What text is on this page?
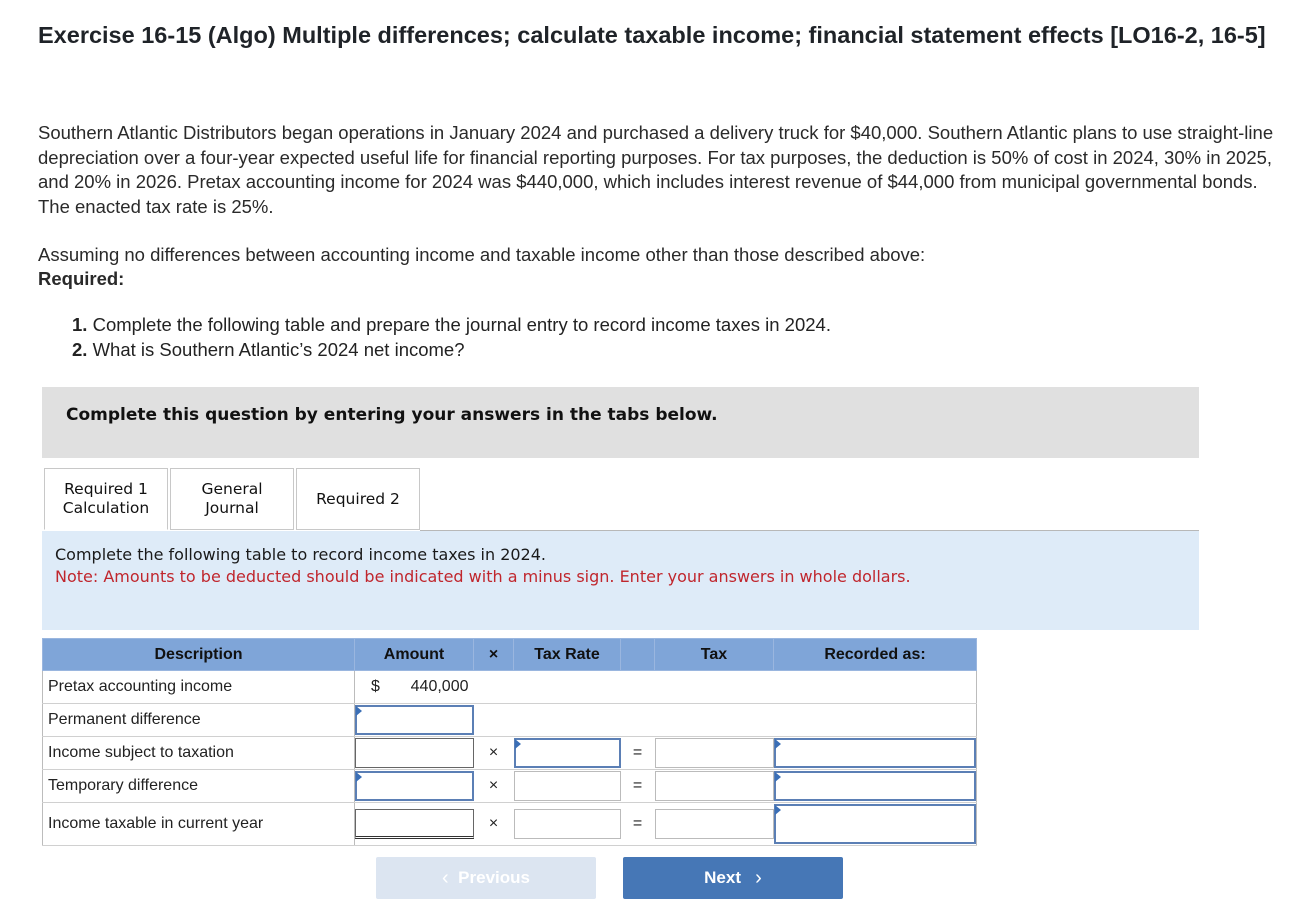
Exercise 16-15 (Algo) Multiple differences; calculate taxable income; financial statement effects [LO16-2, 16-5]

Southern Atlantic Distributors began operations in January 2024 and purchased a delivery truck for $40,000. Southern Atlantic plans to use straight-line depreciation over a four-year expected useful life for financial reporting purposes. For tax purposes, the deduction is 50% of cost in 2024, 30% in 2025, and 20% in 2026. Pretax accounting income for 2024 was $440,000, which includes interest revenue of $44,000 from municipal governmental bonds. The enacted tax rate is 25%.

Assuming no differences between accounting income and taxable income other than those described above:

Required:

1. Complete the following table and prepare the journal entry to record income taxes in 2024.
2. What is Southern Atlantic’s 2024 net income?
Complete this question by entering your answers in the tabs below.
Required 1
Calculation
General
Journal
Required 2
Complete the following table to record income taxes in 2024.
Note: Amounts to be deducted should be indicated with a minus sign. Enter your answers in whole dollars.
Description	Amount	×	Tax Rate		Tax	Recorded as:
Pretax accounting income	$ 440,000					

Permanent difference					

Income subject to taxation		×		=	

Temporary difference		×		=	

Income taxable in current year		×		=	

‹
Previous	Next
›
